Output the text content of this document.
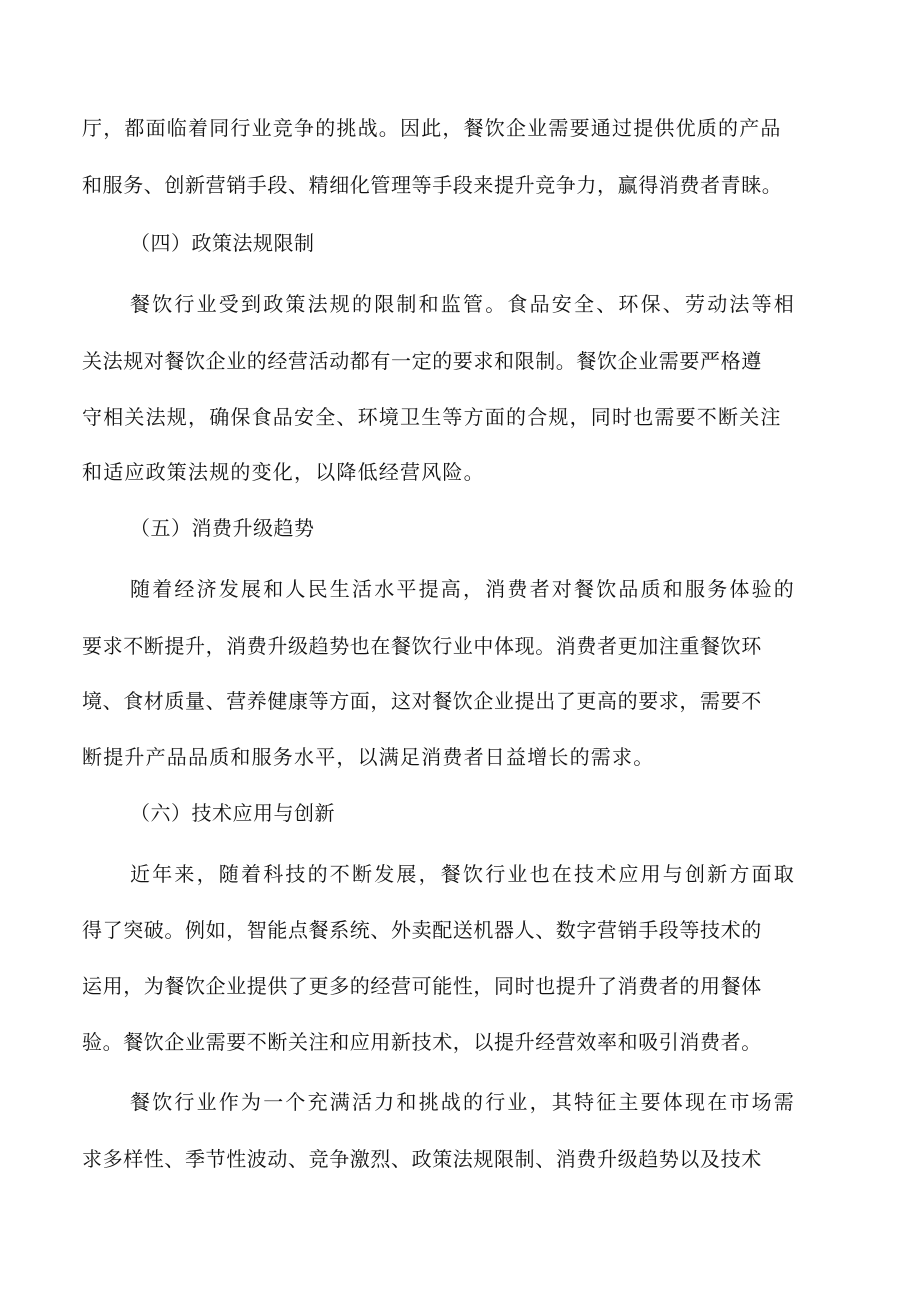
厅，都面临着同行业竞争的挑战。因此，餐饮企业需要通过提供优质的产品
和服务、创新营销手段、精细化管理等手段来提升竞争力，赢得消费者青睐。
（四）政策法规限制
餐饮行业受到政策法规的限制和监管。食品安全、环保、劳动法等相
关法规对餐饮企业的经营活动都有一定的要求和限制。餐饮企业需要严格遵
守相关法规，确保食品安全、环境卫生等方面的合规，同时也需要不断关注
和适应政策法规的变化，以降低经营风险。
（五）消费升级趋势
随着经济发展和人民生活水平提高，消费者对餐饮品质和服务体验的
要求不断提升，消费升级趋势也在餐饮行业中体现。消费者更加注重餐饮环
境、食材质量、营养健康等方面，这对餐饮企业提出了更高的要求，需要不
断提升产品品质和服务水平，以满足消费者日益增长的需求。
（六）技术应用与创新
近年来，随着科技的不断发展，餐饮行业也在技术应用与创新方面取
得了突破。例如，智能点餐系统、外卖配送机器人、数字营销手段等技术的
运用，为餐饮企业提供了更多的经营可能性，同时也提升了消费者的用餐体
验。餐饮企业需要不断关注和应用新技术，以提升经营效率和吸引消费者。
餐饮行业作为一个充满活力和挑战的行业，其特征主要体现在市场需
求多样性、季节性波动、竞争激烈、政策法规限制、消费升级趋势以及技术
